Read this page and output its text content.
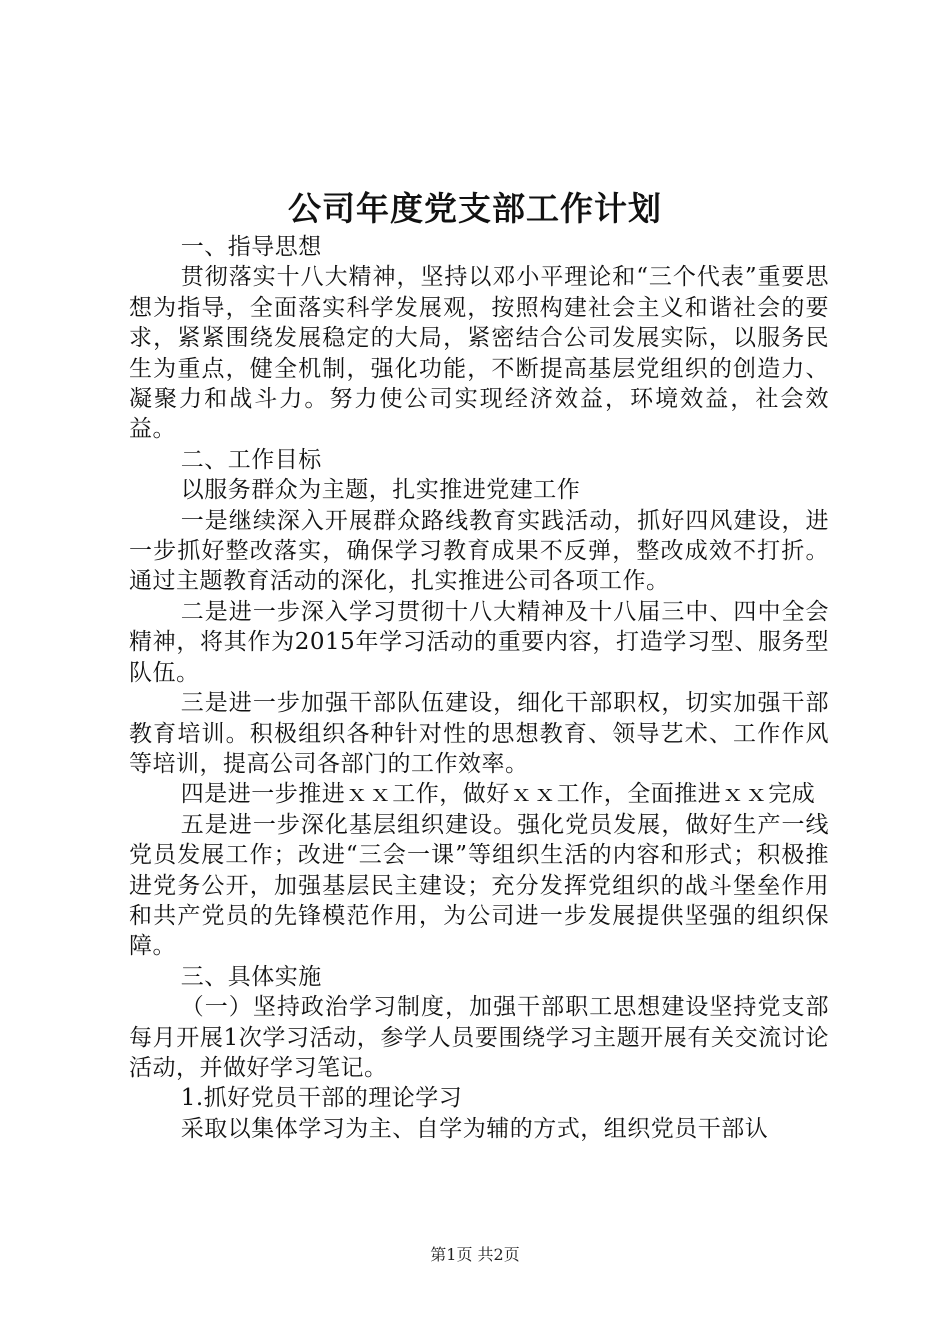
公司年度党支部工作计划

一、指导思想

贯彻落实十八大精神，坚持以邓小平理论和“三个代表”重要思想为指导，全面落实科学发展观，按照构建社会主义和谐社会的要求，紧紧围绕发展稳定的大局，紧密结合公司发展实际，以服务民生为重点，健全机制，强化功能，不断提高基层党组织的创造力、凝聚力和战斗力。努力使公司实现经济效益，环境效益，社会效益。

二、工作目标

以服务群众为主题，扎实推进党建工作

一是继续深入开展群众路线教育实践活动，抓好四风建设，进一步抓好整改落实，确保学习教育成果不反弹，整改成效不打折。通过主题教育活动的深化，扎实推进公司各项工作。

二是进一步深入学习贯彻十八大精神及十八届三中、四中全会精神，将其作为2015年学习活动的重要内容，打造学习型、服务型队伍。

三是进一步加强干部队伍建设，细化干部职权，切实加强干部教育培训。积极组织各种针对性的思想教育、领导艺术、工作作风等培训，提高公司各部门的工作效率。

四是进一步推进ｘｘ工作，做好ｘｘ工作，全面推进ｘｘ完成

五是进一步深化基层组织建设。强化党员发展，做好生产一线党员发展工作；改进“三会一课”等组织生活的内容和形式；积极推进党务公开，加强基层民主建设；充分发挥党组织的战斗堡垒作用和共产党员的先锋模范作用，为公司进一步发展提供坚强的组织保障。

三、具体实施

（一）坚持政治学习制度，加强干部职工思想建设坚持党支部每月开展1次学习活动，参学人员要围绕学习主题开展有关交流讨论活动，并做好学习笔记。

1.抓好党员干部的理论学习

采取以集体学习为主、自学为辅的方式，组织党员干部认

第1页 共2页
